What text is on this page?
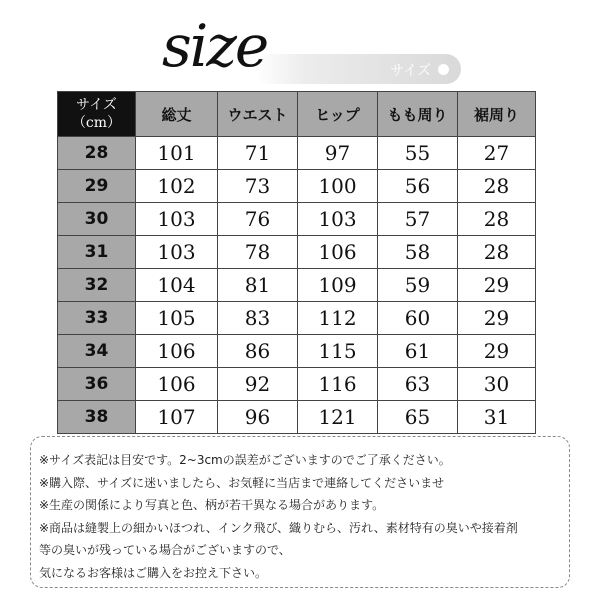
サイズ
size
サイズ
（cm）	総丈	ウエスト	ヒップ	もも周り	裾周り
28	101	71	97	55	27
29	102	73	100	56	28
30	103	76	103	57	28
31	103	78	106	58	28
32	104	81	109	59	29
33	105	83	112	60	29
34	106	86	115	61	29
36	106	92	116	63	30
38	107	96	121	65	31
※サイズ表記は目安です。2~3cmの誤差がございますのでご了承ください。
※購入際、サイズに迷いましたら、お気軽に当店まで連絡してくださいませ
※生産の関係により写真と色、柄が若干異なる場合があります。
※商品は縫製上の細かいほつれ、インク飛び、織りむら、汚れ、素材特有の臭いや接着剤
等の臭いが残っている場合がございますので、
気になるお客様はご購入をお控え下さい。
